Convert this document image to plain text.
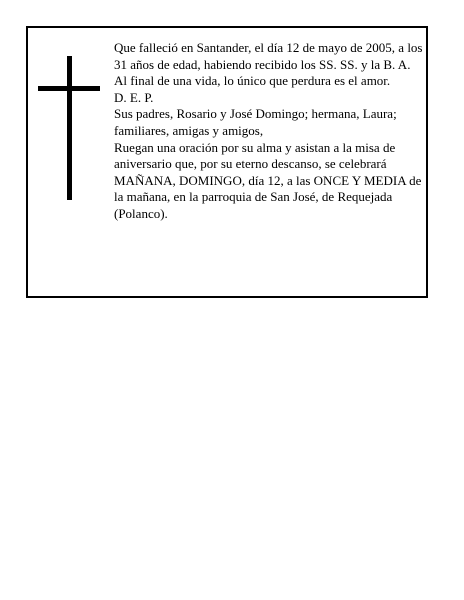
Que falleció en Santander, el día 12 de mayo de 2005, a los 31 años de edad, habiendo recibido los SS. SS. y la B. A.

Al final de una vida, lo único que perdura es el amor.

D. E. P.

Sus padres, Rosario y José Domingo; hermana, Laura; familiares, amigas y amigos,

Ruegan una oración por su alma y asistan a la misa de aniversario que, por su eterno descanso, se celebrará MAÑANA, DOMINGO, día 12, a las ONCE Y MEDIA de la mañana, en la parroquia de San José, de Requejada (Polanco).
